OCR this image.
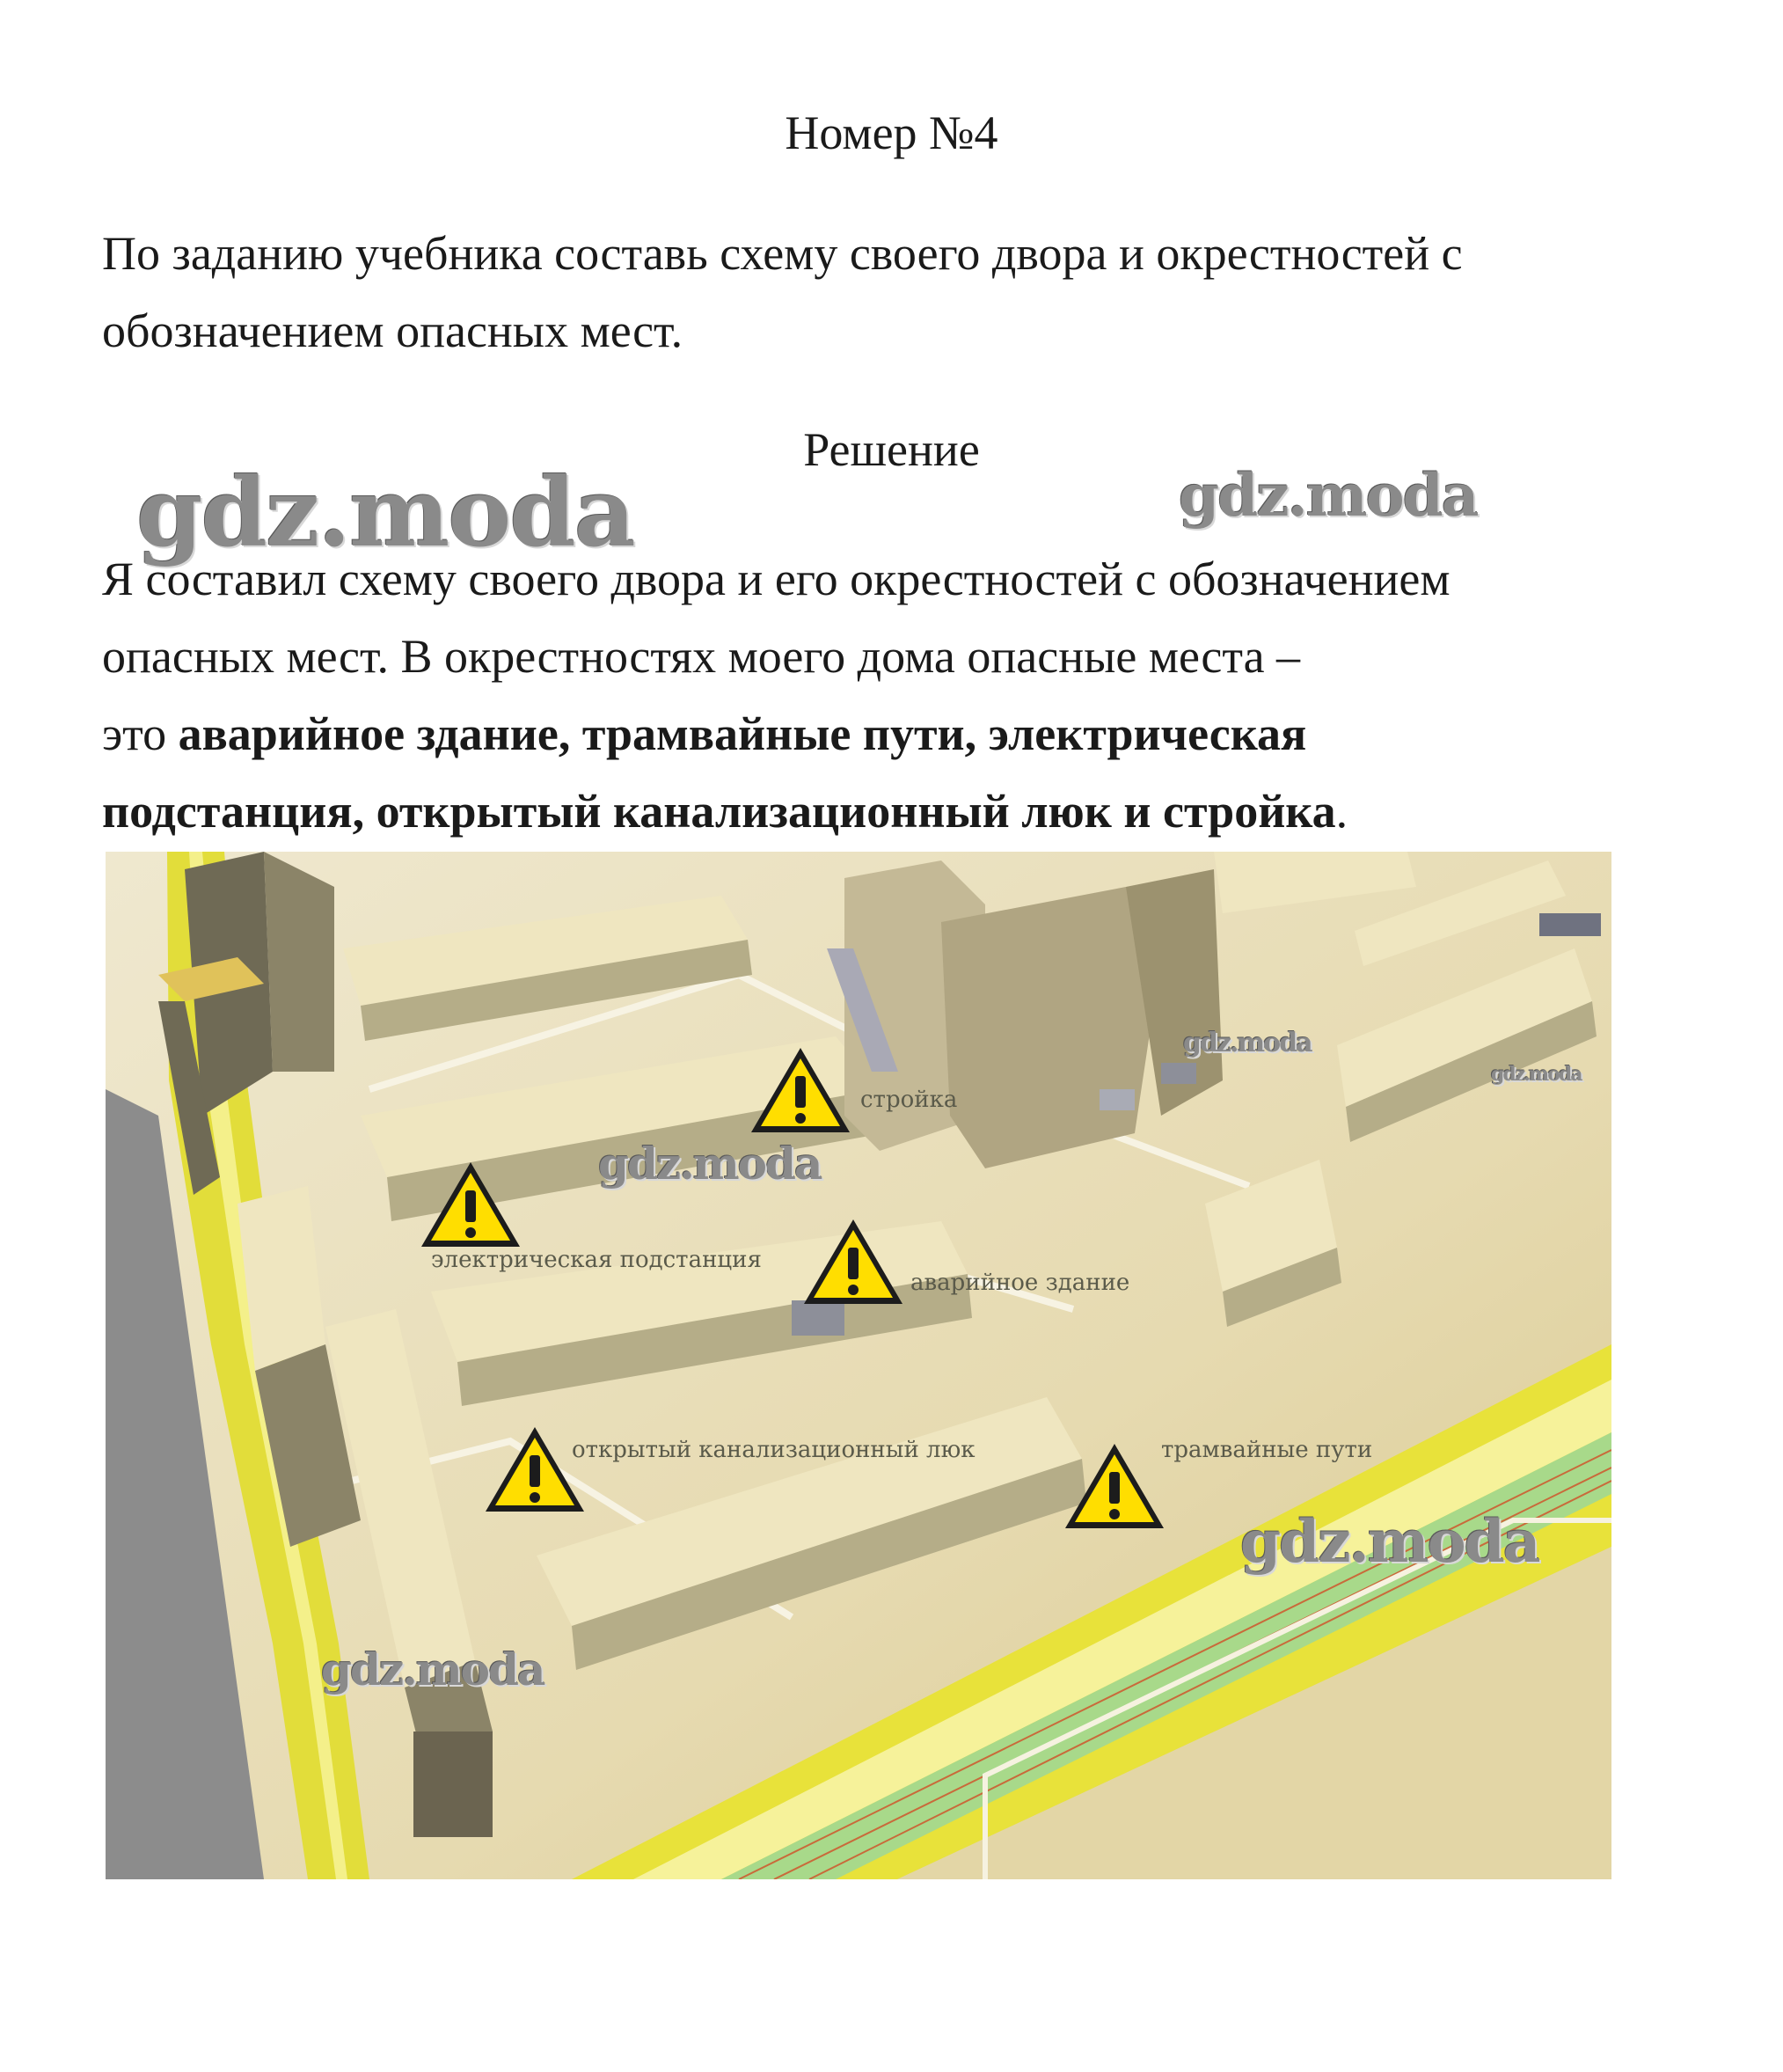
Номер №4
По заданию учебника составь схему своего двора и окрестностей с
обозначением опасных мест.
Решение
gdz.moda	gdz.moda
Я составил схему своего двора и его окрестностей с обозначением
опасных мест. В окрестностях моего дома опасные места –
это аварийное здание, трамвайные пути, электрическая
подстанция, открытый канализационный люк и стройка.
стройка
электрическая подстанция
аварийное здание
открытый канализационный люк	трамвайные пути
gdz.moda
gdz.moda
gdz.moda
gdz.moda
gdz.moda
